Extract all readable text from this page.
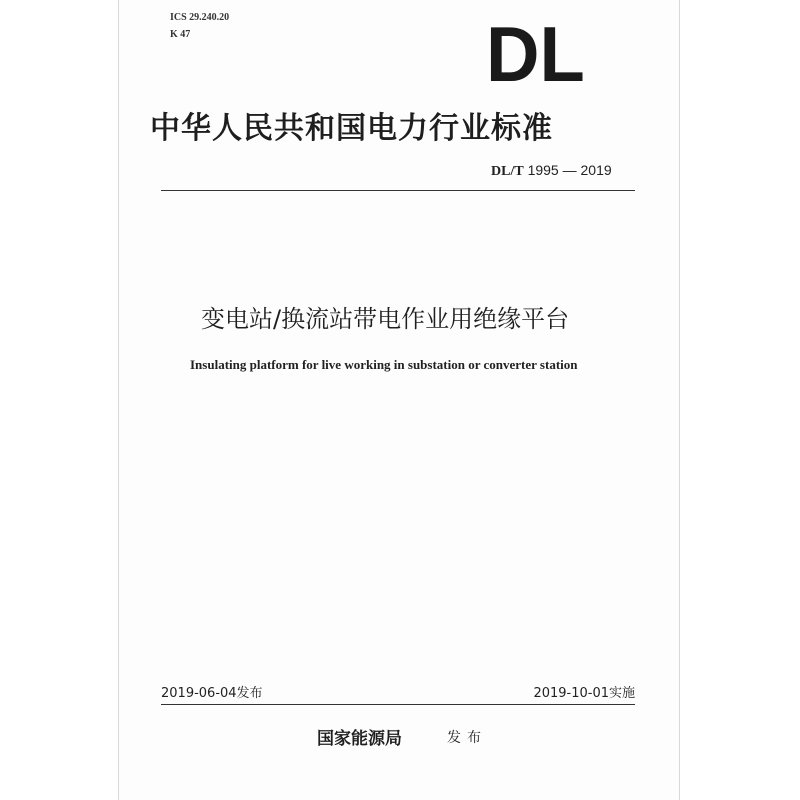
ICS 29.240.20
K 47	DL
中华人民共和国电力行业标准
DL/T 1995 — 2019
变电站/换流站带电作业用绝缘平台
Insulating platform for live working in substation or converter station
2019-06-04发布	2019-10-01实施
国家能源局	发布
